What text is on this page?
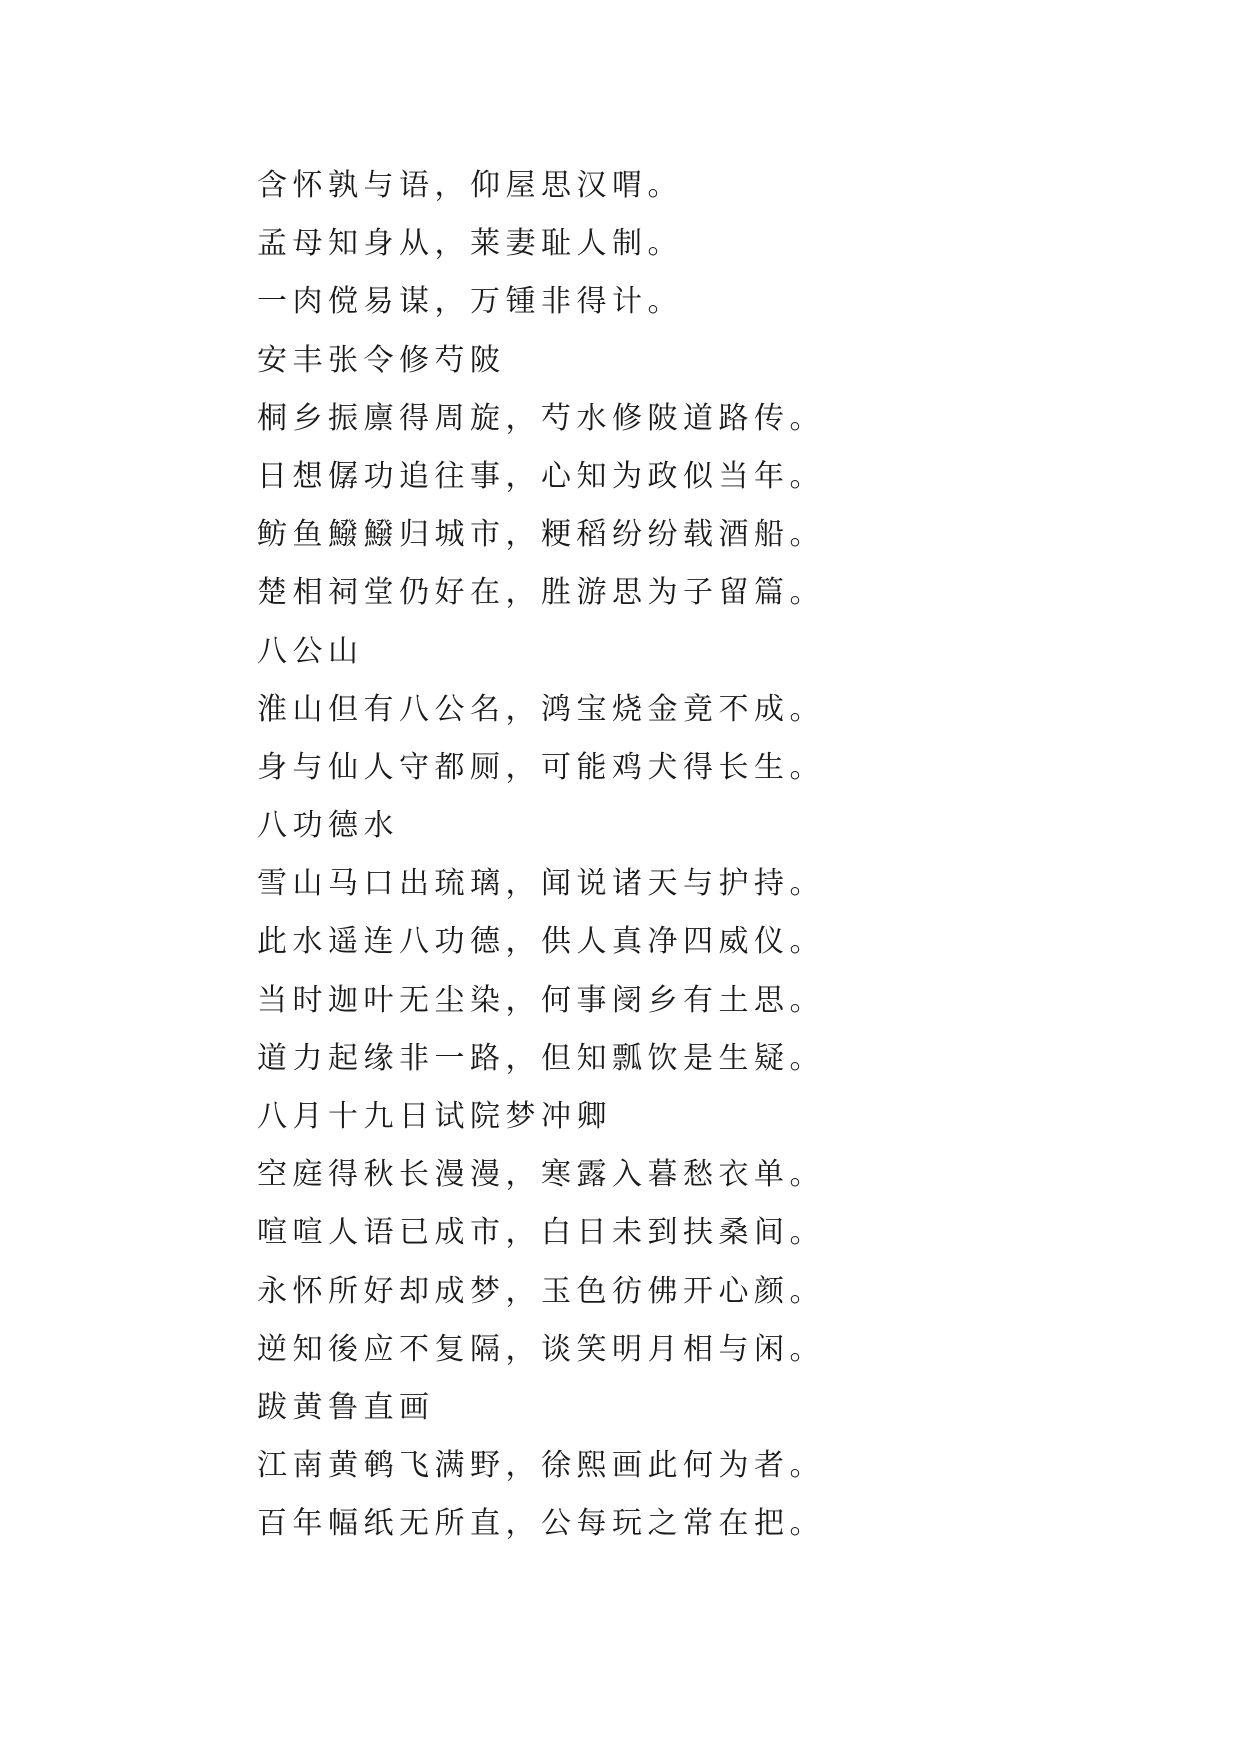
含怀孰与语，仰屋思汉喟。
孟母知身从，莱妻耻人制。
一肉傥易谋，万锺非得计。
安丰张令修芍陂
桐乡振廪得周旋，芍水修陂道路传。
日想僝功追往事，心知为政似当年。
鲂鱼鱍鱍归城市，粳稻纷纷载酒船。
楚相祠堂仍好在，胜游思为子留篇。
八公山
淮山但有八公名，鸿宝烧金竟不成。
身与仙人守都厕，可能鸡犬得长生。
八功德水
雪山马口出琉璃，闻说诸天与护持。
此水遥连八功德，供人真净四威仪。
当时迦叶无尘染，何事阌乡有土思。
道力起缘非一路，但知瓢饮是生疑。
八月十九日试院梦冲卿
空庭得秋长漫漫，寒露入暮愁衣单。
喧喧人语已成市，白日未到扶桑间。
永怀所好却成梦，玉色彷佛开心颜。
逆知後应不复隔，谈笑明月相与闲。
跋黄鲁直画
江南黄鹌飞满野，徐熙画此何为者。
百年幅纸无所直，公每玩之常在把。
